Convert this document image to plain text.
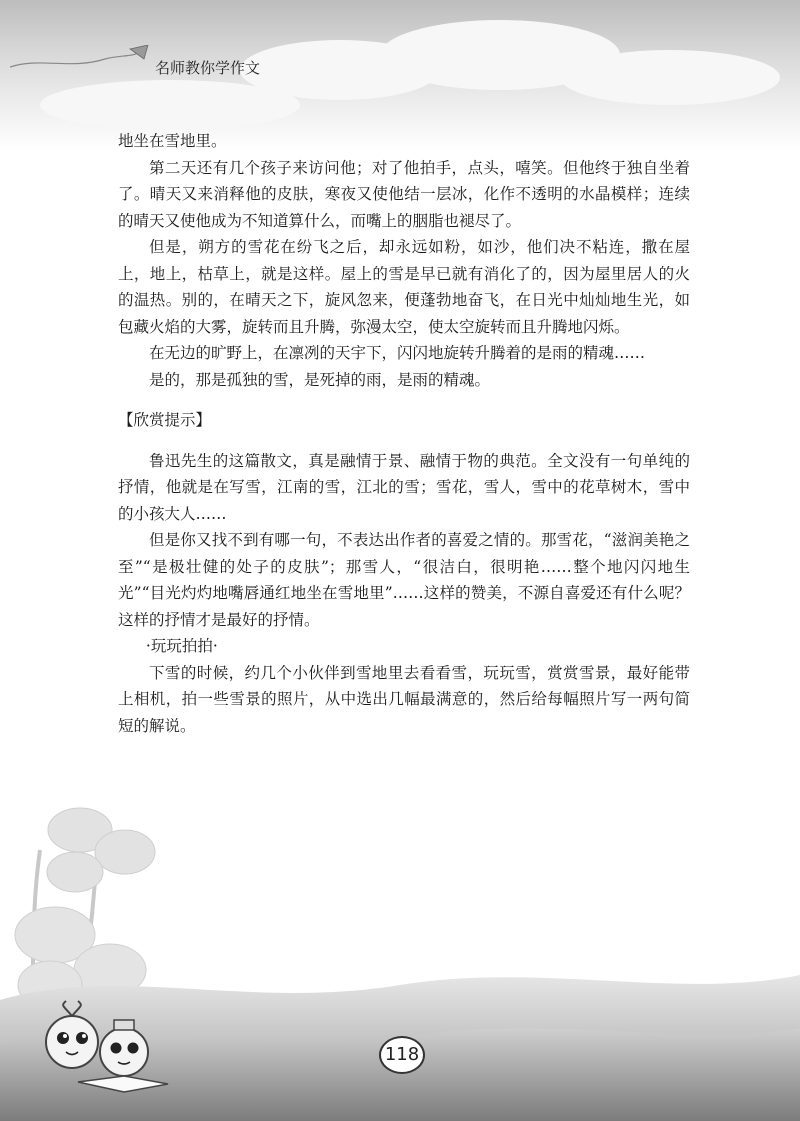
名师教你学作文

地坐在雪地里。

第二天还有几个孩子来访问他；对了他拍手，点头，嘻笑。但他终于独自坐着了。晴天又来消释他的皮肤，寒夜又使他结一层冰，化作不透明的水晶模样；连续的晴天又使他成为不知道算什么，而嘴上的胭脂也褪尽了。

但是，朔方的雪花在纷飞之后，却永远如粉，如沙，他们决不粘连，撒在屋上，地上，枯草上，就是这样。屋上的雪是早已就有消化了的，因为屋里居人的火的温热。别的，在晴天之下，旋风忽来，便蓬勃地奋飞，在日光中灿灿地生光，如包藏火焰的大雾，旋转而且升腾，弥漫太空，使太空旋转而且升腾地闪烁。

在无边的旷野上，在凛冽的天宇下，闪闪地旋转升腾着的是雨的精魂……

是的，那是孤独的雪，是死掉的雨，是雨的精魂。

【欣赏提示】

鲁迅先生的这篇散文，真是融情于景、融情于物的典范。全文没有一句单纯的抒情，他就是在写雪，江南的雪，江北的雪；雪花，雪人，雪中的花草树木，雪中的小孩大人……

但是你又找不到有哪一句，不表达出作者的喜爱之情的。那雪花，“滋润美艳之至”“是极壮健的处子的皮肤”；那雪人，“很洁白，很明艳……整个地闪闪地生光”“目光灼灼地嘴唇通红地坐在雪地里”……这样的赞美，不源自喜爱还有什么呢？这样的抒情才是最好的抒情。

·玩玩拍拍·

下雪的时候，约几个小伙伴到雪地里去看看雪，玩玩雪，赏赏雪景，最好能带上相机，拍一些雪景的照片，从中选出几幅最满意的，然后给每幅照片写一两句简短的解说。

118
